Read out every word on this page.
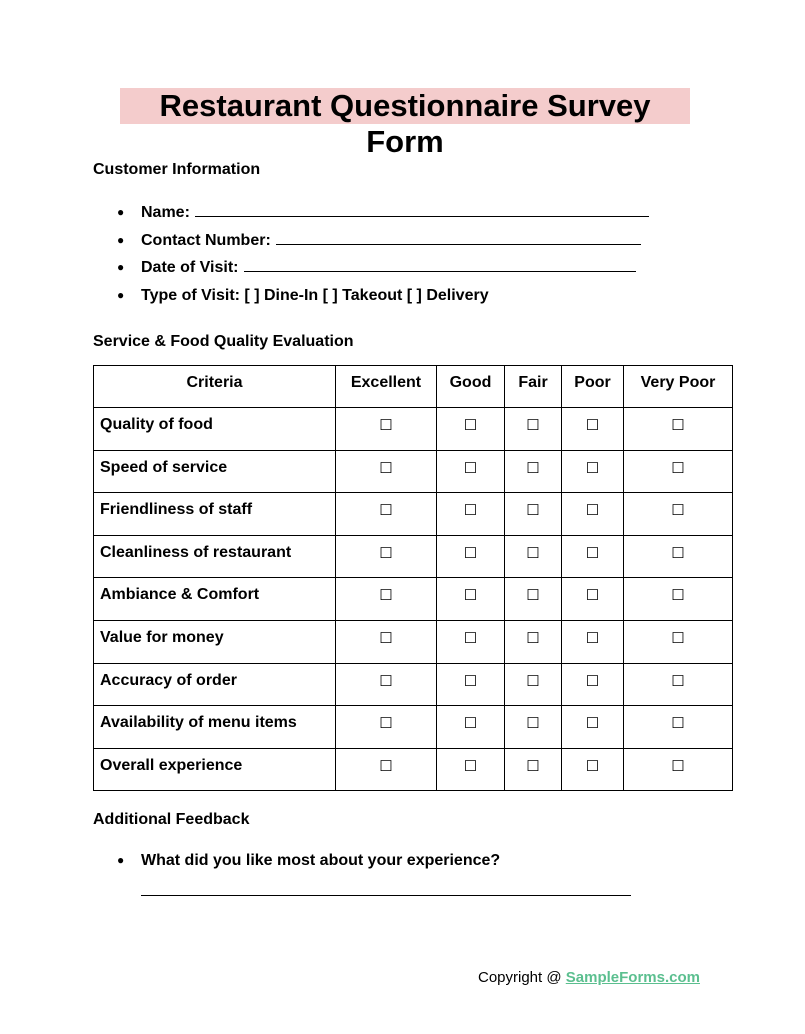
Restaurant Questionnaire Survey Form
Customer Information
● Name:
● Contact Number:
● Date of Visit:
● Type of Visit: [ ] Dine-In [ ] Takeout [ ] Delivery
Service & Food Quality Evaluation
Criteria	Excellent	Good	Fair	Poor	Very Poor
Quality of food	☐	☐	☐	☐	☐
Speed of service	☐	☐	☐	☐	☐
Friendliness of staff	☐	☐	☐	☐	☐
Cleanliness of restaurant	☐	☐	☐	☐	☐
Ambiance & Comfort	☐	☐	☐	☐	☐
Value for money	☐	☐	☐	☐	☐
Accuracy of order	☐	☐	☐	☐	☐
Availability of menu items	☐	☐	☐	☐	☐
Overall experience	☐	☐	☐	☐	☐
Additional Feedback
● What did you like most about your experience?
Copyright @ SampleForms.com
